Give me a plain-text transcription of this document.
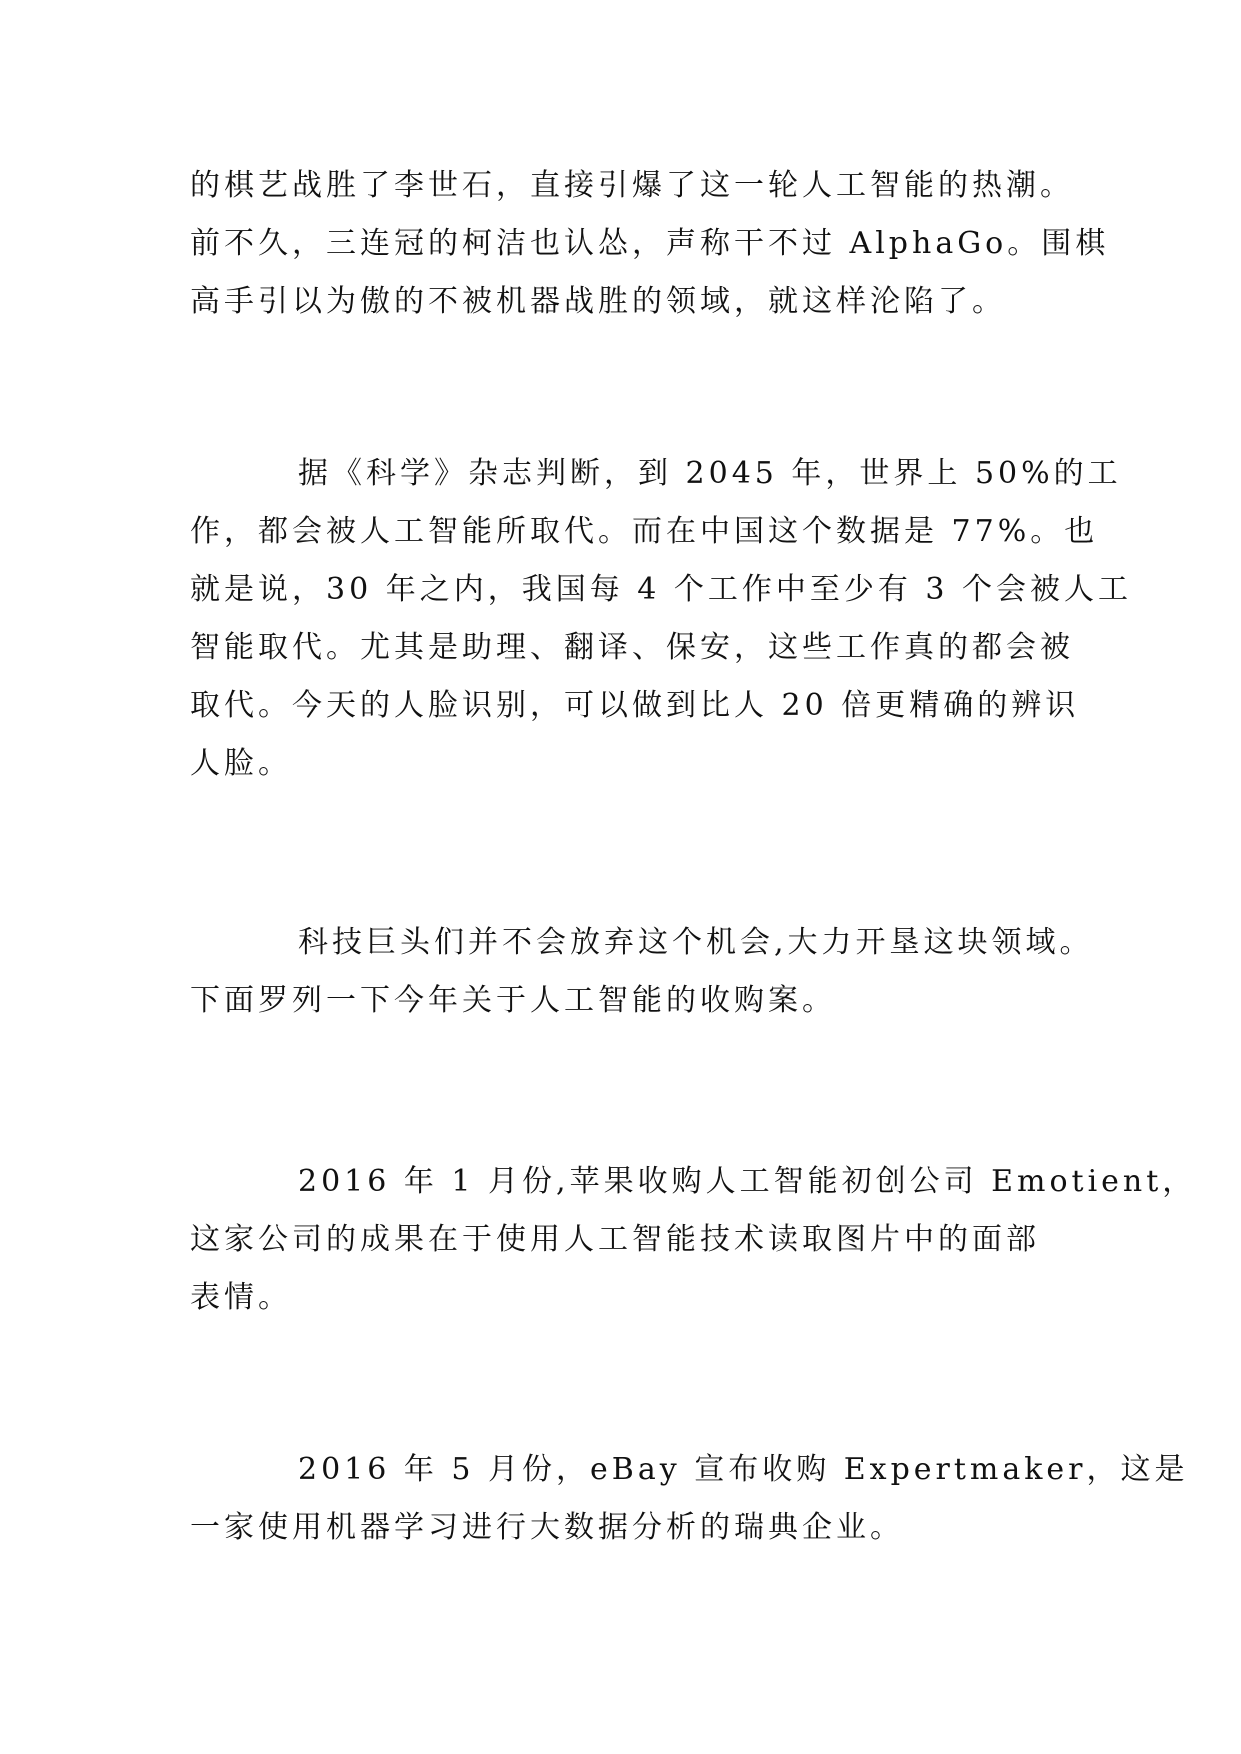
的棋艺战胜了李世石，直接引爆了这一轮人工智能的热潮。
前不久，三连冠的柯洁也认怂，声称干不过 AlphaGo。围棋
高手引以为傲的不被机器战胜的领域，就这样沦陷了。

据《科学》杂志判断，到 2045 年，世界上 50%的工
作，都会被人工智能所取代。而在中国这个数据是 77%。也
就是说，30 年之内，我国每 4 个工作中至少有 3 个会被人工
智能取代。尤其是助理、翻译、保安，这些工作真的都会被
取代。今天的人脸识别，可以做到比人 20 倍更精确的辨识
人脸。

科技巨头们并不会放弃这个机会,大力开垦这块领域。
下面罗列一下今年关于人工智能的收购案。

2016 年 1 月份,苹果收购人工智能初创公司 Emotient，
这家公司的成果在于使用人工智能技术读取图片中的面部
表情。

2016 年 5 月份，eBay 宣布收购 Expertmaker，这是
一家使用机器学习进行大数据分析的瑞典企业。
